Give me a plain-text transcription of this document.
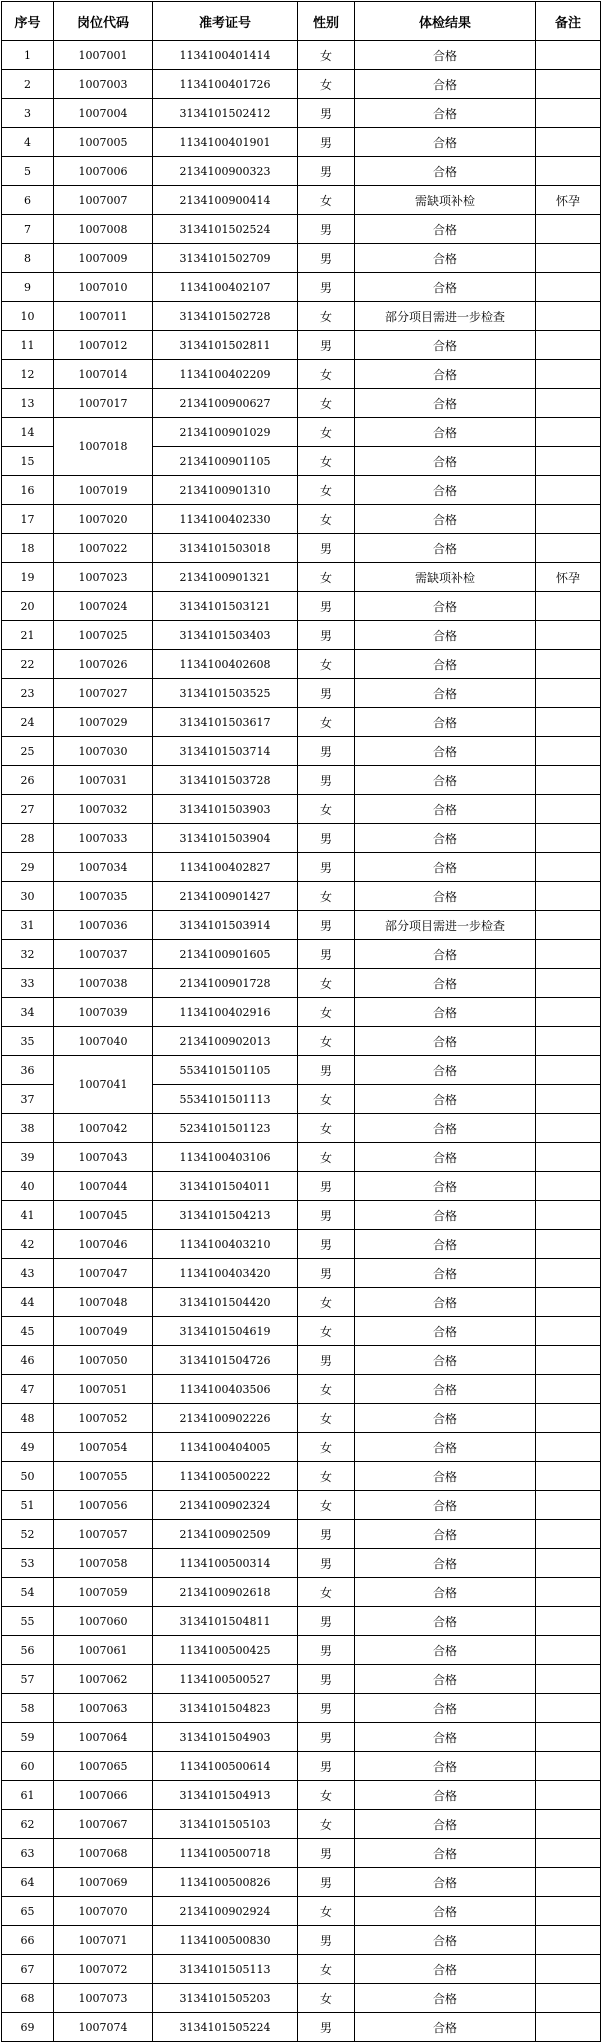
序号	岗位代码	准考证号	性别	体检结果	备注
1	1007001	1134100401414	女	合格	
2	1007003	1134100401726	女	合格	
3	1007004	3134101502412	男	合格	
4	1007005	1134100401901	男	合格	
5	1007006	2134100900323	男	合格	
6	1007007	2134100900414	女	需缺项补检	怀孕
7	1007008	3134101502524	男	合格	
8	1007009	3134101502709	男	合格	
9	1007010	1134100402107	男	合格	
10	1007011	3134101502728	女	部分项目需进一步检查	
11	1007012	3134101502811	男	合格	
12	1007014	1134100402209	女	合格	
13	1007017	2134100900627	女	合格	
14	1007018	2134100901029	女	合格	
15		2134100901105	女	合格	
16	1007019	2134100901310	女	合格	
17	1007020	1134100402330	女	合格	
18	1007022	3134101503018	男	合格	
19	1007023	2134100901321	女	需缺项补检	怀孕
20	1007024	3134101503121	男	合格	
21	1007025	3134101503403	男	合格	
22	1007026	1134100402608	女	合格	
23	1007027	3134101503525	男	合格	
24	1007029	3134101503617	女	合格	
25	1007030	3134101503714	男	合格	
26	1007031	3134101503728	男	合格	
27	1007032	3134101503903	女	合格	
28	1007033	3134101503904	男	合格	
29	1007034	1134100402827	男	合格	
30	1007035	2134100901427	女	合格	
31	1007036	3134101503914	男	部分项目需进一步检查	
32	1007037	2134100901605	男	合格	
33	1007038	2134100901728	女	合格	
34	1007039	1134100402916	女	合格	
35	1007040	2134100902013	女	合格	
36	1007041	5534101501105	男	合格	
37		5534101501113	女	合格	
38	1007042	5234101501123	女	合格	
39	1007043	1134100403106	女	合格	
40	1007044	3134101504011	男	合格	
41	1007045	3134101504213	男	合格	
42	1007046	1134100403210	男	合格	
43	1007047	1134100403420	男	合格	
44	1007048	3134101504420	女	合格	
45	1007049	3134101504619	女	合格	
46	1007050	3134101504726	男	合格	
47	1007051	1134100403506	女	合格	
48	1007052	2134100902226	女	合格	
49	1007054	1134100404005	女	合格	
50	1007055	1134100500222	女	合格	
51	1007056	2134100902324	女	合格	
52	1007057	2134100902509	男	合格	
53	1007058	1134100500314	男	合格	
54	1007059	2134100902618	女	合格	
55	1007060	3134101504811	男	合格	
56	1007061	1134100500425	男	合格	
57	1007062	1134100500527	男	合格	
58	1007063	3134101504823	男	合格	
59	1007064	3134101504903	男	合格	
60	1007065	1134100500614	男	合格	
61	1007066	3134101504913	女	合格	
62	1007067	3134101505103	女	合格	
63	1007068	1134100500718	男	合格	
64	1007069	1134100500826	男	合格	
65	1007070	2134100902924	女	合格	
66	1007071	1134100500830	男	合格	
67	1007072	3134101505113	女	合格	
68	1007073	3134101505203	女	合格	
69	1007074	3134101505224	男	合格	
